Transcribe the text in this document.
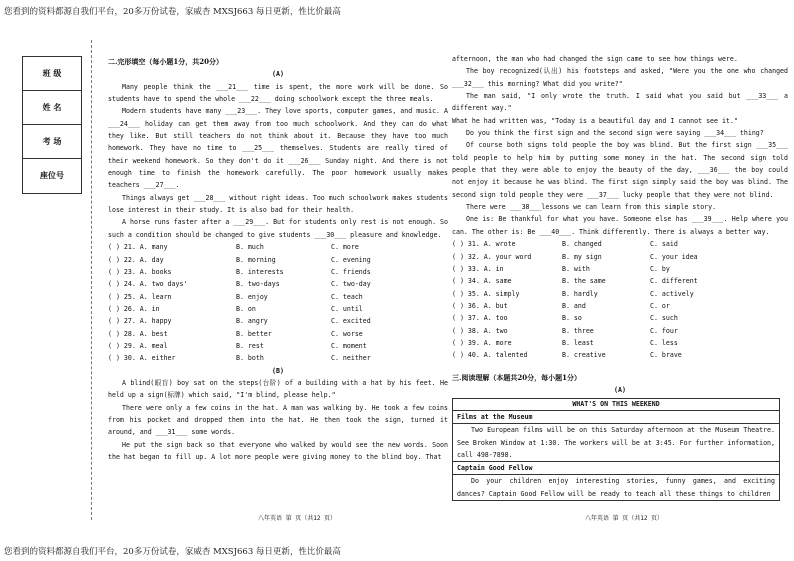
您看到的资料都源自我们平台，20多万份试卷，家威杏 MXSJ663 每日更新，性比价最高
班 级
姓 名
考 场
座位号

二.完形填空（每小题1分，共20分）

(A)

Many people think the ___21___ time is spent, the more work will be done. So students have to spend the whole ___22___ doing schoolwork except the three meals.

Modern students have many ___23___. They love sports, computer games, and music. A ___24___ holiday can get them away from too much schoolwork. And they can do what they like. But still teachers do not think about it. Because they have too much homework. They have no time to ___25___ themselves. Students are really tired of their weekend homework. So they don't do it ___26___ Sunday night. And there is not enough time to finish the homework carefully. The poor homework usually makes teachers ___27___.

Things always get ___28___ without right ideas. Too much schoolwork makes students lose interest in their study. It is also bad for their health.

A horse runs faster after a ___29___. But for students only rest is not enough. So such a condition should be changed to give students ___30___ pleasure and knowledge.

( ) 21. A. many	B. much	C. more
( ) 22. A. day	B. morning	C. evening
( ) 23. A. books	B. interests	C. friends
( ) 24. A. two days'	B. two-days	C. two-day
( ) 25. A. learn	B. enjoy	C. teach
( ) 26. A. in	B. on	C. until
( ) 27. A. happy	B. angry	C. excited
( ) 28. A. best	B. better	C. worse
( ) 29. A. meal	B. rest	C. moment
( ) 30. A. either	B. both	C. neither

(B)

A blind(眼盲) boy sat on the steps(台阶) of a building with a hat by his feet. He held up a sign(标牌) which said, "I'm blind, please help."

There were only a few coins in the hat. A man was walking by. He took a few coins from his pocket and dropped them into the hat. He then took the sign, turned it around, and ___31___ some words.

He put the sign back so that everyone who walked by would see the new words. Soon the hat began to fill up. A lot more people were giving money to the blind boy. That

afternoon, the man who had changed the sign came to see how things were.

The boy recognized(认出) his footsteps and asked, "Were you the one who changed ___32___ this morning? What did you write?"

The man said, "I only wrote the truth. I said what you said but ___33___ a different way."

What he had written was, "Today is a beautiful day and I cannot see it."

Do you think the first sign and the second sign were saying ___34___ thing?

Of course both signs told people the boy was blind. But the first sign ___35___ told people to help him by putting some money in the hat. The second sign told people that they were able to enjoy the beauty of the day, ___36___ the boy could not enjoy it because he was blind. The first sign simply said the boy was blind. The second sign told people they were ___37___ lucky people that they were not blind.

There were ___38___lessons we can learn from this simple story.

One is: Be thankful for what you have. Someone else has ___39___. Help where you can. The other is: Be ___40___. Think differently. There is always a better way.

( ) 31. A. wrote	B. changed	C. said
( ) 32. A. your word	B. my sign	C. your idea
( ) 33. A. in	B. with	C. by
( ) 34. A. same	B. the same	C. different
( ) 35. A. simply	B. hardly	C. actively
( ) 36. A. but	B. and	C. or
( ) 37. A. too	B. so	C. such
( ) 38. A. two	B. three	C. four
( ) 39. A. more	B. least	C. less
( ) 40. A. talented	B. creative	C. brave

三.阅读理解（本题共20分，每小题1分）

(A)

WHAT'S ON THIS WEEKEND
Films at the Museum

Two European films will be on this Saturday afternoon at the Museum Theatre. See Broken Window at 1:30. The workers will be at 3:45. For further information, call 498-7898.

Captain Good Fellow

Do your children enjoy interesting stories, funny games, and exciting dances? Captain Good Fellow will be ready to teach all these things to children

八年英语 第 页（共12 页）	八年英语 第 页（共12 页）
您看到的资料都源自我们平台，20多万份试卷，家威杏 MXSJ663 每日更新，性比价最高
